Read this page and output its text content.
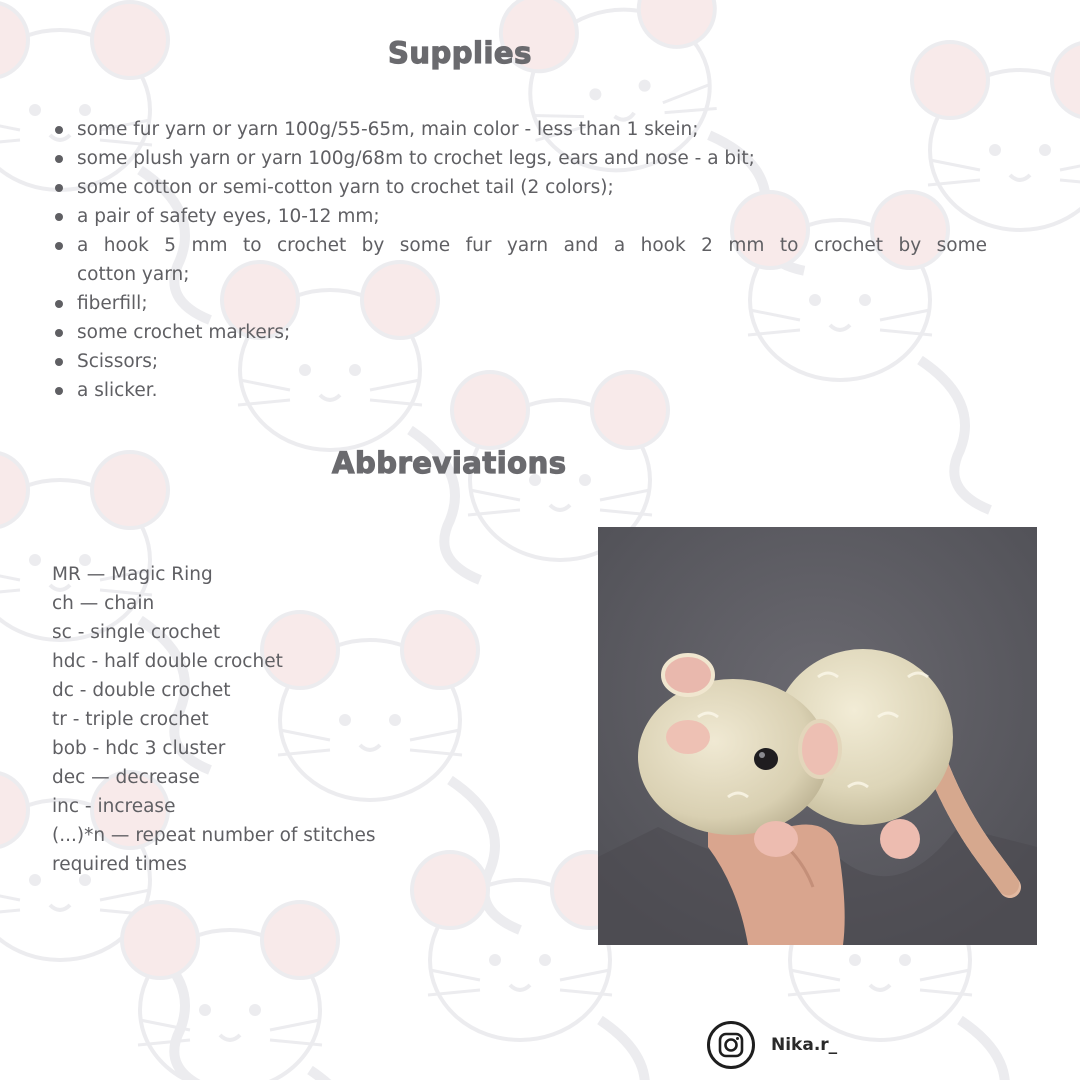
Supplies
some fur yarn or yarn 100g/55-65m, main color - less than 1 skein;
some plush yarn or yarn 100g/68m to crochet legs, ears and nose - a bit;
some cotton or semi-cotton yarn to crochet tail (2 colors);
a pair of safety eyes, 10-12 mm;
a hook 5 mm to crochet by some fur yarn and a hook 2 mm to crochet by some
cotton yarn;
fiberfill;
some crochet markers;
Scissors;
a slicker.
Abbreviations
MR — Magic Ring
ch — chain
sc - single crochet
hdc - half double crochet
dc - double crochet
tr - triple crochet
bob - hdc 3 cluster
dec — decrease
inc - increase
(...)*n — repeat number of stitches
required times
Nika.r_
